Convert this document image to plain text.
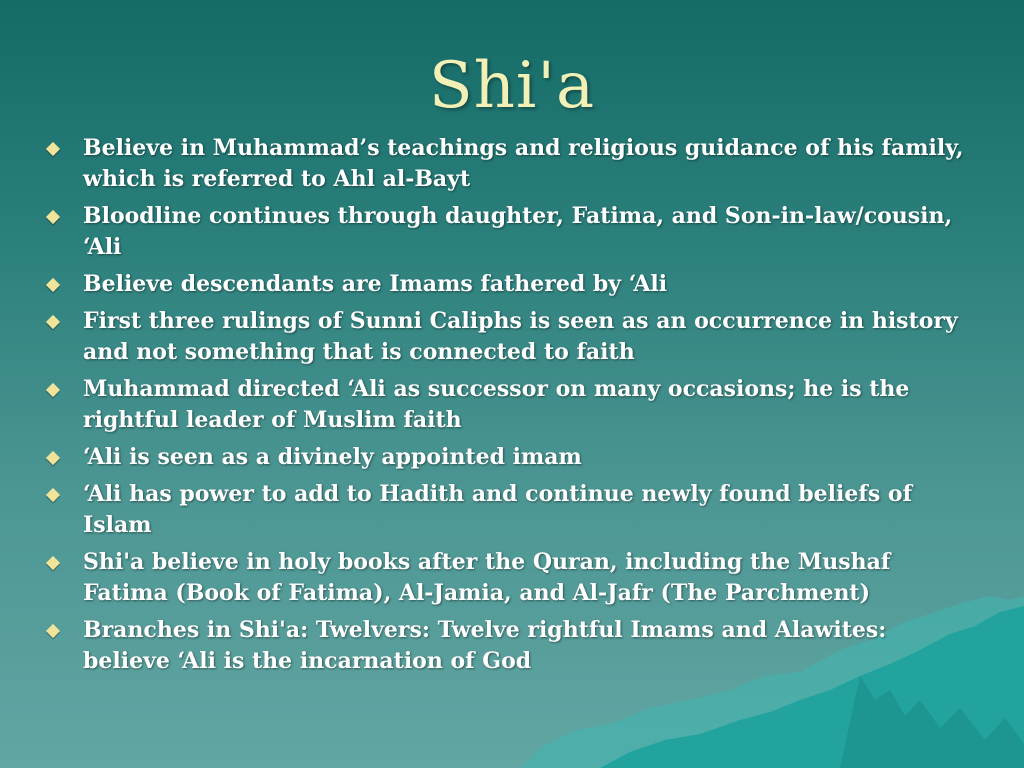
Shi'a
Believe in Muhammad’s teachings and religious guidance of his family, which is referred to Ahl al-Bayt
Bloodline continues through daughter, Fatima, and Son-in-law/cousin, ‘Ali
Believe descendants are Imams fathered by ‘Ali
First three rulings of Sunni Caliphs is seen as an occurrence in history and not something that is connected to faith
Muhammad directed ‘Ali as successor on many occasions; he is the rightful leader of Muslim faith
‘Ali is seen as a divinely appointed imam
‘Ali has power to add to Hadith and continue newly found beliefs of Islam
Shi'a believe in holy books after the Quran, including the Mushaf Fatima (Book of Fatima), Al-Jamia, and Al-Jafr (The Parchment)
Branches in Shi'a: Twelvers: Twelve rightful Imams and Alawites: believe ‘Ali is the incarnation of God
